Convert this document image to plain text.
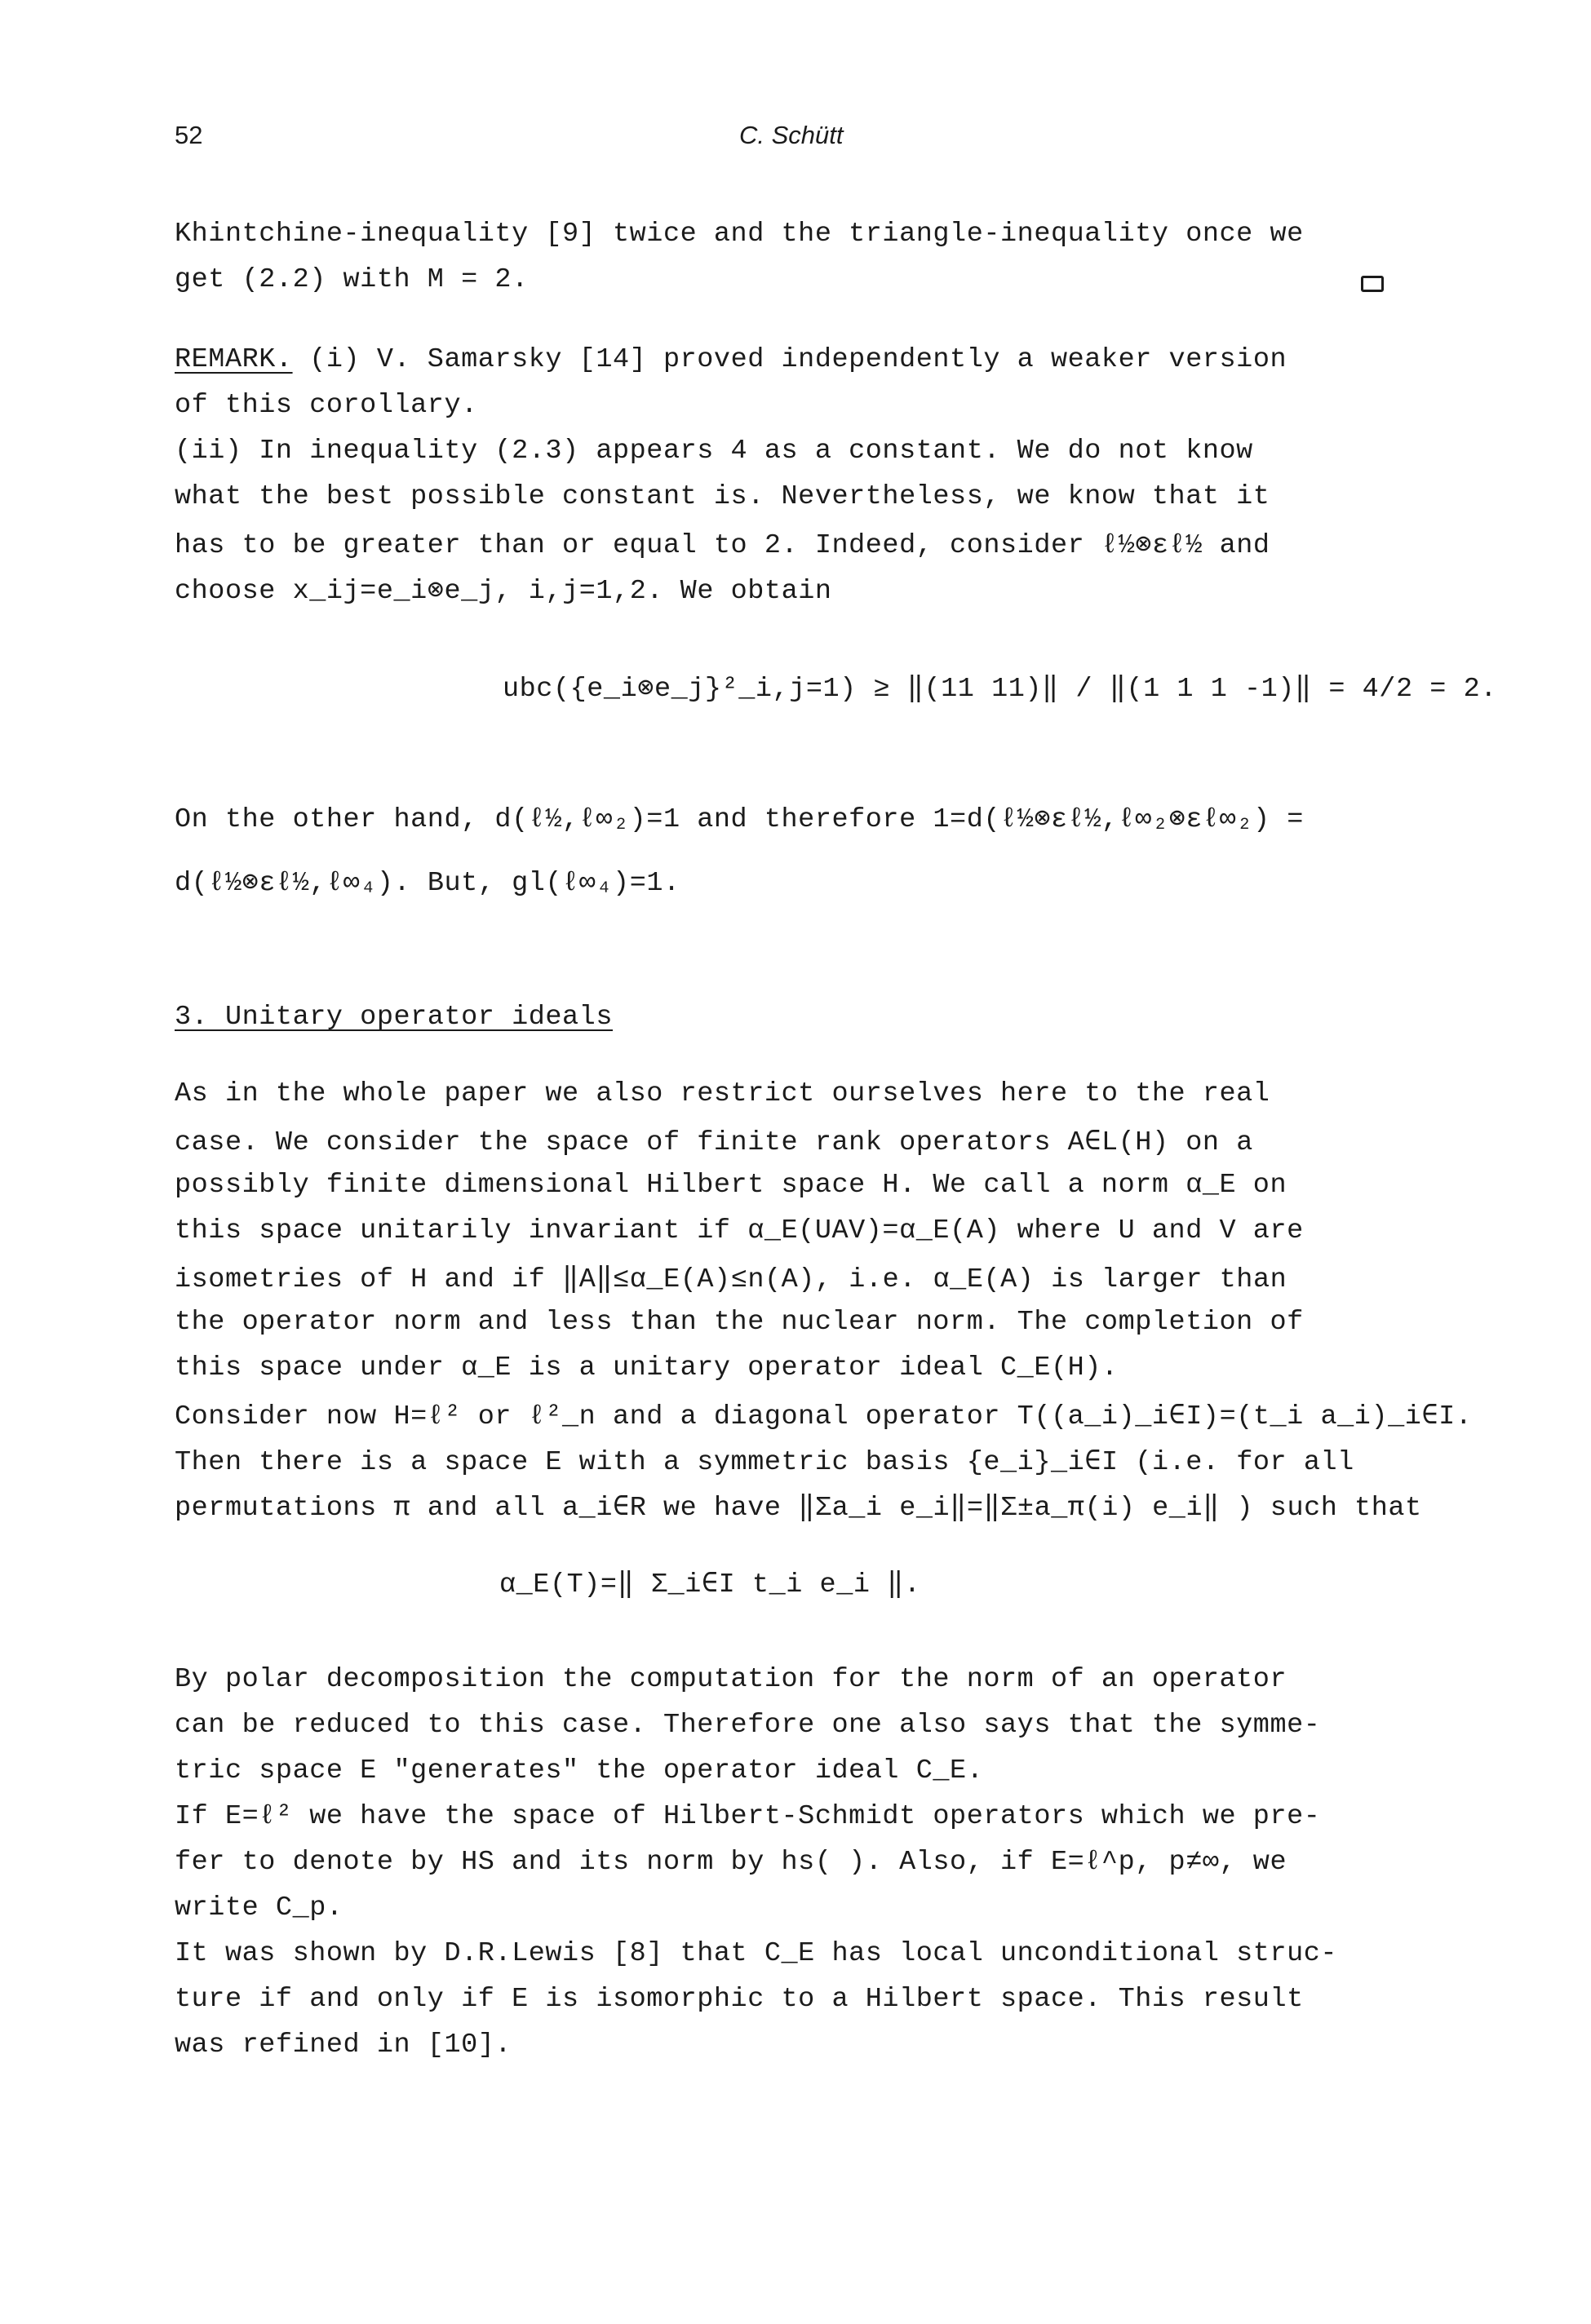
52	C. Schütt
Khintchine-inequality [9] twice and the triangle-inequality once we
get (2.2) with M = 2.
REMARK. (i) V. Samarsky [14] proved independently a weaker version
of this corollary.
(ii) In inequality (2.3) appears 4 as a constant. We do not know
what the best possible constant is. Nevertheless, we know that it
has to be greater than or equal to 2. Indeed, consider ℓ½⊗εℓ½ and
choose x_ij=e_i⊗e_j, i,j=1,2. We obtain
ubc({e_i⊗e_j}²_i,j=1) ≥ ‖(11 11)‖ / ‖(1 1 1 -1)‖ = 4/2 = 2.
On the other hand, d(ℓ½,ℓ∞₂)=1 and therefore 1=d(ℓ½⊗εℓ½,ℓ∞₂⊗εℓ∞₂) =
d(ℓ½⊗εℓ½,ℓ∞₄). But, gl(ℓ∞₄)=1.
3. Unitary operator ideals
As in the whole paper we also restrict ourselves here to the real
case. We consider the space of finite rank operators A∈L(H) on a
possibly finite dimensional Hilbert space H. We call a norm α_E on
this space unitarily invariant if α_E(UAV)=α_E(A) where U and V are
isometries of H and if ‖A‖≤α_E(A)≤n(A), i.e. α_E(A) is larger than
the operator norm and less than the nuclear norm. The completion of
this space under α_E is a unitary operator ideal C_E(H).
Consider now H=ℓ² or ℓ²_n and a diagonal operator T((a_i)_i∈I)=(t_i a_i)_i∈I.
Then there is a space E with a symmetric basis {e_i}_i∈I (i.e. for all
permutations π and all a_i∈R we have ‖Σa_i e_i‖=‖Σ±a_π(i) e_i‖ ) such that
α_E(T)=‖ Σ_i∈I t_i e_i ‖.
By polar decomposition the computation for the norm of an operator
can be reduced to this case. Therefore one also says that the symme-
tric space E "generates" the operator ideal C_E.
If E=ℓ² we have the space of Hilbert-Schmidt operators which we pre-
fer to denote by HS and its norm by hs( ). Also, if E=ℓ^p, p≠∞, we
write C_p.
It was shown by D.R.Lewis [8] that C_E has local unconditional struc-
ture if and only if E is isomorphic to a Hilbert space. This result
was refined in [10].
